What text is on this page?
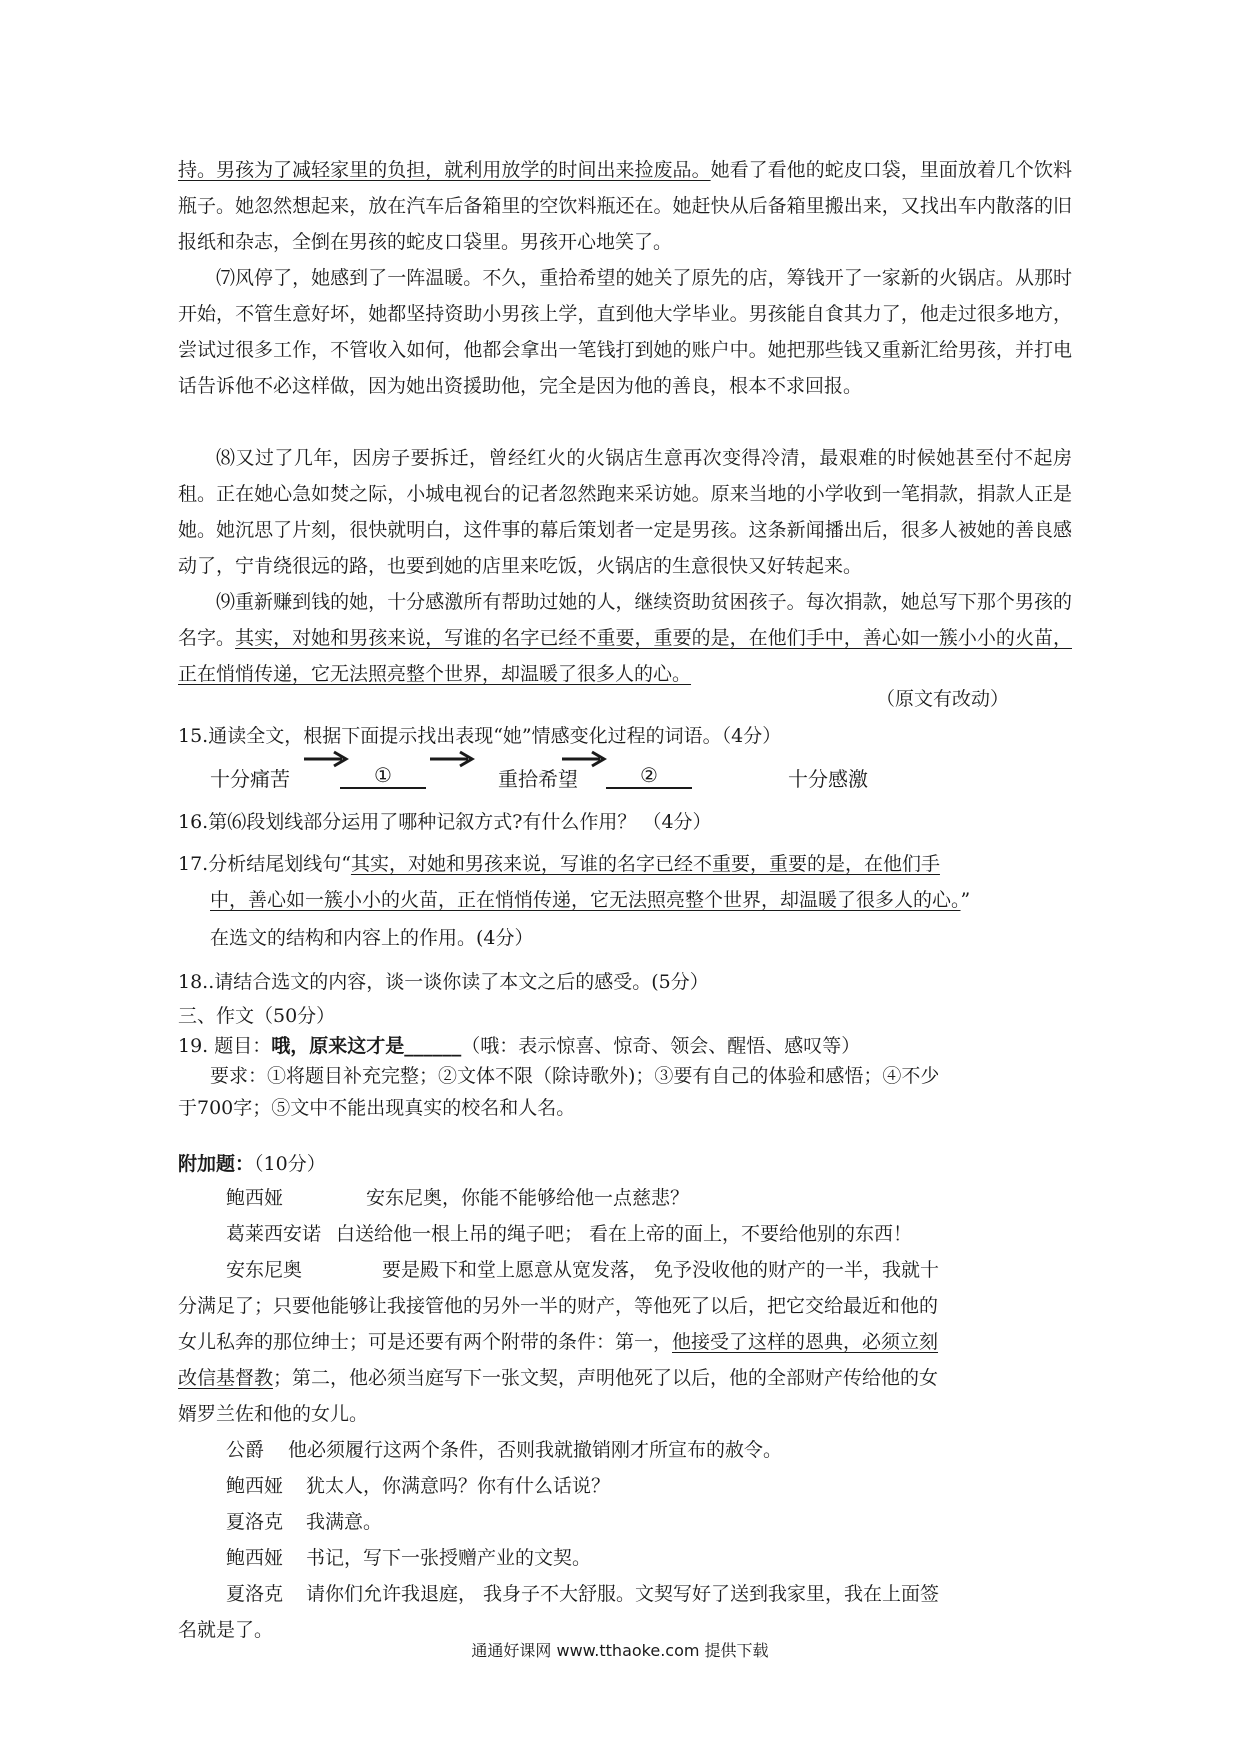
持。男孩为了减轻家里的负担，就利用放学的时间出来捡废品。她看了看他的蛇皮口袋，里面放着几个饮料瓶子。她忽然想起来，放在汽车后备箱里的空饮料瓶还在。她赶快从后备箱里搬出来，又找出车内散落的旧报纸和杂志，全倒在男孩的蛇皮口袋里。男孩开心地笑了。

⑺风停了，她感到了一阵温暖。不久，重拾希望的她关了原先的店，筹钱开了一家新的火锅店。从那时开始，不管生意好坏，她都坚持资助小男孩上学，直到他大学毕业。男孩能自食其力了，他走过很多地方，尝试过很多工作，不管收入如何，他都会拿出一笔钱打到她的账户中。她把那些钱又重新汇给男孩，并打电话告诉他不必这样做，因为她出资援助他，完全是因为他的善良，根本不求回报。

⑻又过了几年，因房子要拆迁，曾经红火的火锅店生意再次变得冷清，最艰难的时候她甚至付不起房租。正在她心急如焚之际，小城电视台的记者忽然跑来采访她。原来当地的小学收到一笔捐款，捐款人正是她。她沉思了片刻，很快就明白，这件事的幕后策划者一定是男孩。这条新闻播出后，很多人被她的善良感动了，宁肯绕很远的路，也要到她的店里来吃饭，火锅店的生意很快又好转起来。

⑼重新赚到钱的她，十分感激所有帮助过她的人，继续资助贫困孩子。每次捐款，她总写下那个男孩的名字。其实，对她和男孩来说，写谁的名字已经不重要，重要的是，在他们手中，善心如一簇小小的火苗，正在悄悄传递，它无法照亮整个世界，却温暖了很多人的心。

（原文有改动）
15.通读全文，根据下面提示找出表现“她”情感变化过程的词语。（4分）
十分痛苦	①	重拾希望	②	十分感激
16.第⑹段划线部分运用了哪种记叙方式?有什么作用？ （4分）
17.分析结尾划线句“其实，对她和男孩来说，写谁的名字已经不重要，重要的是，在他们手
中，善心如一簇小小的火苗，正在悄悄传递，它无法照亮整个世界，却温暖了很多人的心。”
在选文的结构和内容上的作用。(4分）
18..请结合选文的内容，谈一谈你读了本文之后的感受。(5分）
三、作文（50分）
19. 题目：哦，原来这才是______（哦：表示惊喜、惊奇、领会、醒悟、感叹等）
要求：①将题目补充完整；②文体不限（除诗歌外)；③要有自己的体验和感悟；④不少
于700字；⑤文中不能出现真实的校名和人名。
附加题：（10分）
鲍西娅	安东尼奥，你能不能够给他一点慈悲？
葛莱西安诺 白送给他一根上吊的绳子吧； 看在上帝的面上，不要给他别的东西！
安东尼奥	要是殿下和堂上愿意从宽发落， 免予没收他的财产的一半，我就十
分满足了；只要他能够让我接管他的另外一半的财产，等他死了以后，把它交给最近和他的
女儿私奔的那位绅士；可是还要有两个附带的条件：第一，他接受了这样的恩典，必须立刻
改信基督教；第二，他必须当庭写下一张文契，声明他死了以后，他的全部财产传给他的女
婿罗兰佐和他的女儿。
公爵 他必须履行这两个条件，否则我就撤销刚才所宣布的赦令。
鲍西娅 犹太人，你满意吗？你有什么话说？
夏洛克 我满意。
鲍西娅 书记，写下一张授赠产业的文契。
夏洛克 请你们允许我退庭， 我身子不大舒服。文契写好了送到我家里，我在上面签
名就是了。
通通好课网 www.tthaoke.com 提供下载
